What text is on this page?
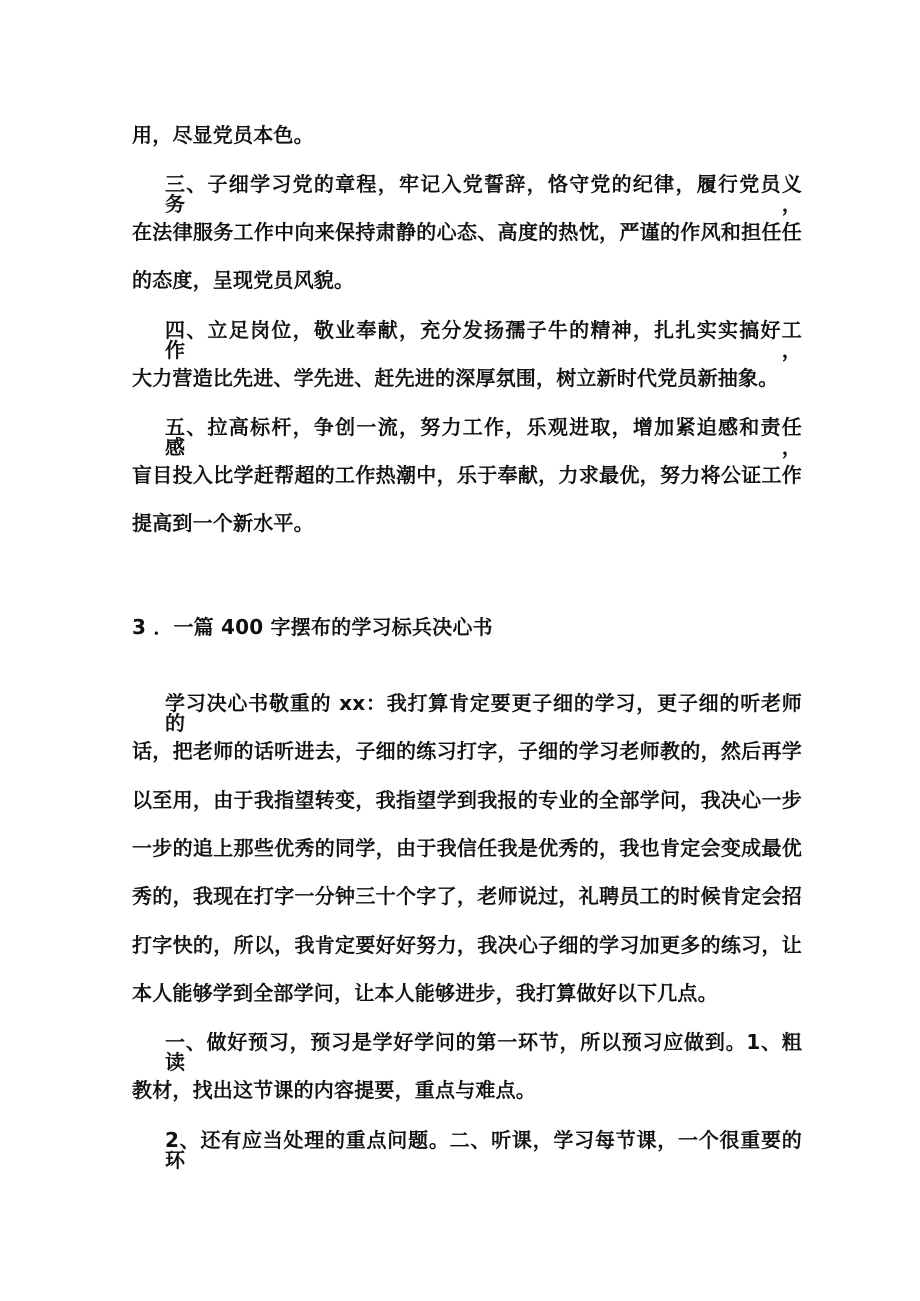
用，尽显党员本色。
三、子细学习党的章程，牢记入党誓辞，恪守党的纪律，履行党员义务，
在法律服务工作中向来保持肃静的心态、高度的热忱，严谨的作风和担任任
的态度，呈现党员风貌。
四、立足岗位，敬业奉献，充分发扬孺子牛的精神，扎扎实实搞好工作，
大力营造比先进、学先进、赶先进的深厚氛围，树立新时代党员新抽象。
五、拉高标杆，争创一流，努力工作，乐观进取，增加紧迫感和责任感，
盲目投入比学赶帮超的工作热潮中，乐于奉献，力求最优，努力将公证工作
提高到一个新水平。
3 ．一篇 400 字摆布的学习标兵决心书
学习决心书敬重的 xx：我打算肯定要更子细的学习，更子细的听老师的
话，把老师的话听进去，子细的练习打字，子细的学习老师教的，然后再学
以至用，由于我指望转变，我指望学到我报的专业的全部学问，我决心一步
一步的追上那些优秀的同学，由于我信任我是优秀的，我也肯定会变成最优
秀的，我现在打字一分钟三十个字了，老师说过，礼聘员工的时候肯定会招
打字快的，所以，我肯定要好好努力，我决心子细的学习加更多的练习，让
本人能够学到全部学问，让本人能够进步，我打算做好以下几点。
一、做好预习，预习是学好学问的第一环节，所以预习应做到。1、粗读
教材，找出这节课的内容提要，重点与难点。
2、还有应当处理的重点问题。二、听课，学习每节课，一个很重要的环
